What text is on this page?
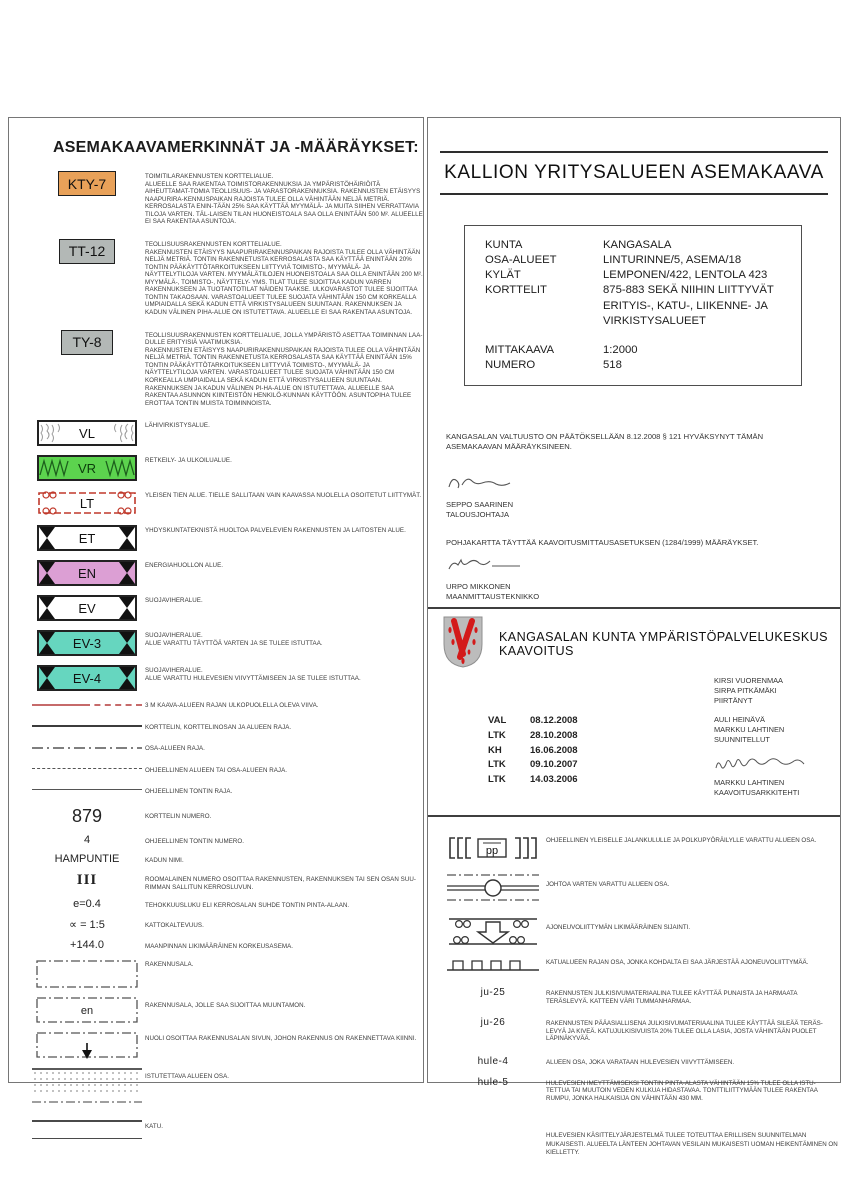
ASEMAKAAVAMERKINNÄT JA -MÄÄRÄYKSET:
KTY-7	TOIMITILARAKENNUSTEN KORTTELIALUE.
ALUEELLE SAA RAKENTAA TOIMISTORAKENNUKSIA JA YMPÄRISTÖHÄIRIÖITÄ AIHEUTTAMAT-TOMIA TEOLLISUUS- JA VARASTORAKENNUKSIA. RAKENNUSTEN ETÄISYYS NAAPURIRA-KENNUSPAIKAN RAJOISTA TULEE OLLA VÄHINTÄÄN NELJÄ METRIÄ. KERROSALASTA ENIN-TÄÄN 25% SAA KÄYTTÄÄ MYYMÄLÄ- JA MUITA SIIHEN VERRATTAVIA TILOJA VARTEN. TÄL-LAISEN TILAN HUONEISTOALA SAA OLLA ENINTÄÄN 500 M². ALUEELLE EI SAA RAKENTAA ASUNTOJA.
TT-12	TEOLLISUUSRAKENNUSTEN KORTTELIALUE.
RAKENNUSTEN ETÄISYYS NAAPURIRAKENNUSPAIKAN RAJOISTA TULEE OLLA VÄHINTÄÄN NELJÄ METRIÄ. TONTIN RAKENNETUSTA KERROSALASTA SAA KÄYTTÄÄ ENINTÄÄN 20% TONTIN PÄÄKÄYTTÖTARKOITUKSEEN LIITTYVIÄ TOIMISTO-, MYYMÄLÄ- JA NÄYTTELYTILOJA VARTEN. MYYMÄLÄTILOJEN HUONEISTOALA SAA OLLA ENINTÄÄN 200 M². MYYMÄLÄ-, TOIMISTO-, NÄYTTELY- YMS. TILAT TULEE SIJOITTAA KADUN VARREN RAKENNUKSEEN JA TUOTANTOTILAT NÄIDEN TAAKSE. ULKOVARASTOT TULEE SIJOITTAA TONTIN TAKAOSAAN. VARASTOALUEET TULEE SUOJATA VÄHINTÄÄN 150 CM KORKEALLA UMPIAIDALLA SEKÄ KADUN ETTÄ VIRKISTYSALUEEN SUUNTAAN. RAKENNUKSEN JA KADUN VÄLINEN PIHA-ALUE ON ISTUTETTAVA. ALUEELLE EI SAA RAKENTAA ASUNTOJA.
TY-8	TEOLLISUUSRAKENNUSTEN KORTTELIALUE, JOLLA YMPÄRISTÖ ASETTAA TOIMINNAN LAA-DULLE ERITYISIÄ VAATIMUKSIA.
RAKENNUSTEN ETÄISYYS NAAPURIRAKENNUSPAIKAN RAJOISTA TULEE OLLA VÄHINTÄÄN NELJÄ METRIÄ. TONTIN RAKENNETUSTA KERROSALASTA SAA KÄYTTÄÄ ENINTÄÄN 15% TONTIN PÄÄKÄYTTÖTARKOITUKSEEN LIITTYVIÄ TOIMISTO-, MYYMÄLÄ- JA NÄYTTELYTILOJA VARTEN. VARASTOALUEET TULEE SUOJATA VÄHINTÄÄN 150 CM KORKEALLA UMPIAIDALLA SEKÄ KADUN ETTÄ VIRKISTYSALUEEN SUUNTAAN. RAKENNUKSEN JA KADUN VÄLINEN PI-HA-ALUE ON ISTUTETTAVA. ALUEELLE SAA RAKENTAA ASUNNON KIINTEISTÖN HENKILÖ-KUNNAN KÄYTTÖÖN. ASUNTOPIHA TULEE EROTTAA TONTIN MUISTA TOIMINNOISTA.
VL
LÄHIVIRKISTYSALUE.
VR
RETKEILY- JA ULKOILUALUE.
LT
YLEISEN TIEN ALUE. TIELLE SALLITAAN VAIN KAAVASSA NUOLELLA OSOITETUT LIITTYMÄT.
ET
YHDYSKUNTATEKNISTÄ HUOLTOA PALVELEVIEN RAKENNUSTEN JA LAITOSTEN ALUE.
EN
ENERGIAHUOLLON ALUE.
EV
SUOJAVIHERALUE.
EV-3
SUOJAVIHERALUE.
ALUE VARATTU TÄYTTÖÄ VARTEN JA SE TULEE ISTUTTAA.
EV-4
SUOJAVIHERALUE.
ALUE VARATTU HULEVESIEN VIIVYTTÄMISEEN JA SE TULEE ISTUTTAA.
3 M KAAVA-ALUEEN RAJAN ULKOPUOLELLA OLEVA VIIVA.
KORTTELIN, KORTTELINOSAN JA ALUEEN RAJA.
OSA-ALUEEN RAJA.
OHJEELLINEN ALUEEN TAI OSA-ALUEEN RAJA.
OHJEELLINEN TONTIN RAJA.
879	KORTTELIN NUMERO.
4	OHJEELLINEN TONTIN NUMERO.
HAMPUNTIE	KADUN NIMI.
III	ROOMALAINEN NUMERO OSOITTAA RAKENNUSTEN, RAKENNUKSEN TAI SEN OSAN SUU-RIMMAN SALLITUN KERROSLUVUN.
e=0.4	TEHOKKUUSLUKU ELI KERROSALAN SUHDE TONTIN PINTA-ALAAN.
∝ = 1:5	KATTOKALTEVUUS.
+144.0	MAANPINNAN LIKIMÄÄRÄINEN KORKEUSASEMA.
RAKENNUSALA.
en	RAKENNUSALA, JOLLE SAA SIJOITTAA MUUNTAMON.
NUOLI OSOITTAA RAKENNUSALAN SIVUN, JOHON RAKENNUS ON RAKENNETTAVA KIINNI.
ISTUTETTAVA ALUEEN OSA.
KATU.
KALLION YRITYSALUEEN ASEMAKAAVA
KUNTA	KANGASALA
OSA-ALUEET	LINTURINNE/5, ASEMA/18
KYLÄT	LEMPONEN/422, LENTOLA 423
KORTTELIT	875-883 SEKÄ NIIHIN LIITTYVÄT ERITYIS-, KATU-, LIIKENNE- JA VIRKISTYSALUEET
MITTAKAAVA	1:2000
NUMERO	518
KANGASALAN VALTUUSTO ON PÄÄTÖKSELLÄÄN 8.12.2008 § 121 HYVÄKSYNYT TÄMÄN ASEMAKAAVAN MÄÄRÄYKSINEEN.
SEPPO SAARINEN
TALOUSJOHTAJA
POHJAKARTTA TÄYTTÄÄ KAAVOITUSMITTAUSASETUKSEN (1284/1999) MÄÄRÄYKSET.
URPO MIKKONEN
MAANMITTAUSTEKNIKKO
KANGASALAN KUNTA YMPÄRISTÖPALVELUKESKUS KAAVOITUS
VAL	08.12.2008
LTK	28.10.2008
KH	16.06.2008
LTK	09.10.2007
LTK	14.03.2006
KIRSI VUORENMAA
SIRPA PITKÄMÄKI
PIIRTÄNYT
AULI HEINÄVÄ
MARKKU LAHTINEN
SUUNNITELLUT
MARKKU LAHTINEN
KAAVOITUSARKKITEHTI
pp
OHJEELLINEN YLEISELLE JALANKULULLE JA POLKUPYÖRÄILYLLE VARATTU ALUEEN OSA.
JOHTOA VARTEN VARATTU ALUEEN OSA.
AJONEUVOLIITTYMÄN LIKIMÄÄRÄINEN SIJAINTI.
KATUALUEEN RAJAN OSA, JONKA KOHDALTA EI SAA JÄRJESTÄÄ AJONEUVOLIITTYMÄÄ.
ju-25	RAKENNUSTEN JULKISIVUMATERIAALINA TULEE KÄYTTÄÄ PUNAISTA JA HARMAATA TERÄSLEVYÄ. KATTEEN VÄRI TUMMANHARMAA.
ju-26	RAKENNUSTEN PÄÄASIALLISENA JULKISIVUMATERIAALINA TULEE KÄYTTÄÄ SILEÄÄ TERÄS-LEVYÄ JA KIVEÄ. KATUJULKISIVUISTA 20% TULEE OLLA LASIA, JOSTA VÄHINTÄÄN PUOLET LÄPINÄKYVÄÄ.
hule-4	ALUEEN OSA, JOKA VARATAAN HULEVESIEN VIIVYTTÄMISEEN.
hule-5	HULEVESIEN IMEYTTÄMISEKSI TONTIN PINTA-ALASTA VÄHINTÄÄN 15% TULEE OLLA ISTU-TETTUA TAI MUUTOIN VEDEN KULKUA HIDASTAVAA. TONTTILIITTYMÄÄN TULEE RAKENTAA RUMPU, JONKA HALKAISIJA ON VÄHINTÄÄN 430 MM.
HULEVESIEN KÄSITTELYJÄRJESTELMÄ TULEE TOTEUTTAA ERILLISEN SUUNNITELMAN MUKAISESTI. ALUEELTA LÄNTEEN JOHTAVAN VESILAIN MUKAISESTI UOMAN HEIKENTÄMINEN ON KIELLETTY.
